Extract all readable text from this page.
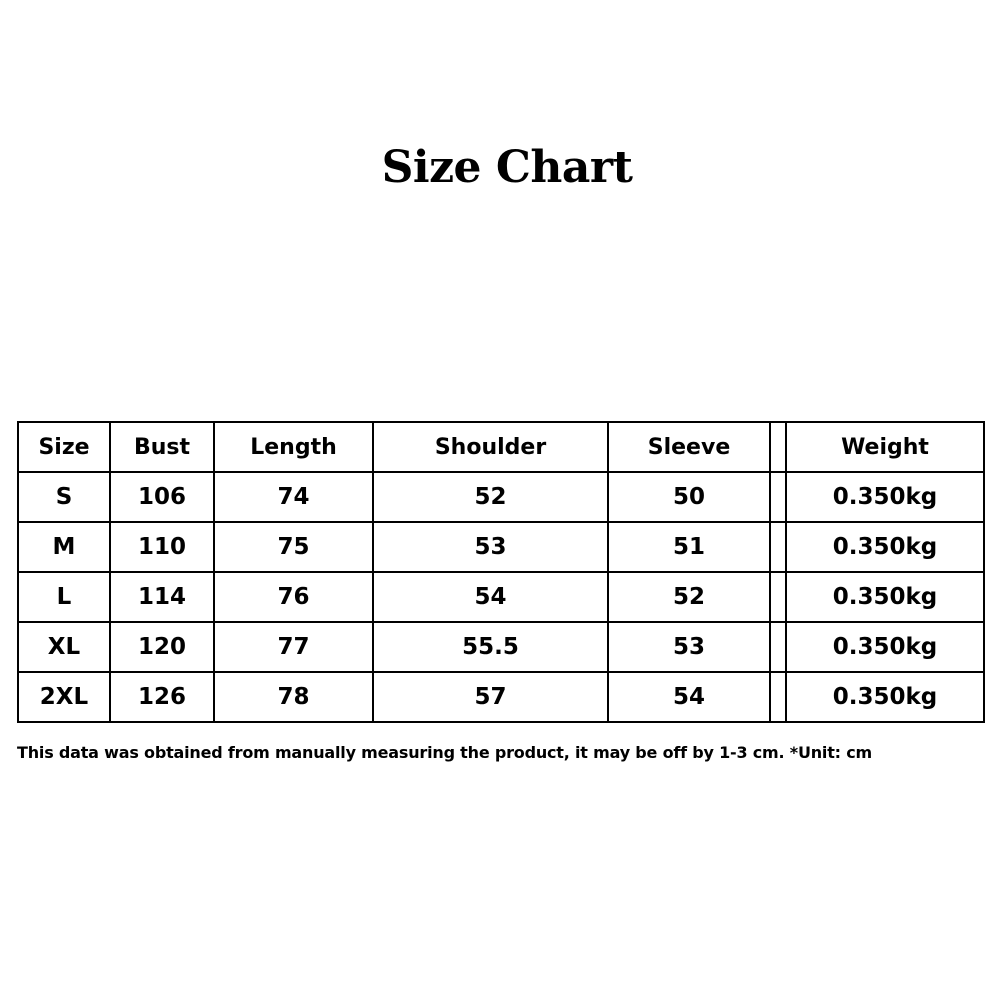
Size Chart
Size	Bust	Length	Shoulder	Sleeve		Weight
S	106	74	52	50		0.350kg
M	110	75	53	51		0.350kg
L	114	76	54	52		0.350kg
XL	120	77	55.5	53		0.350kg
2XL	126	78	57	54		0.350kg
This data was obtained from manually measuring the product, it may be off by 1-3 cm. *Unit: cm
